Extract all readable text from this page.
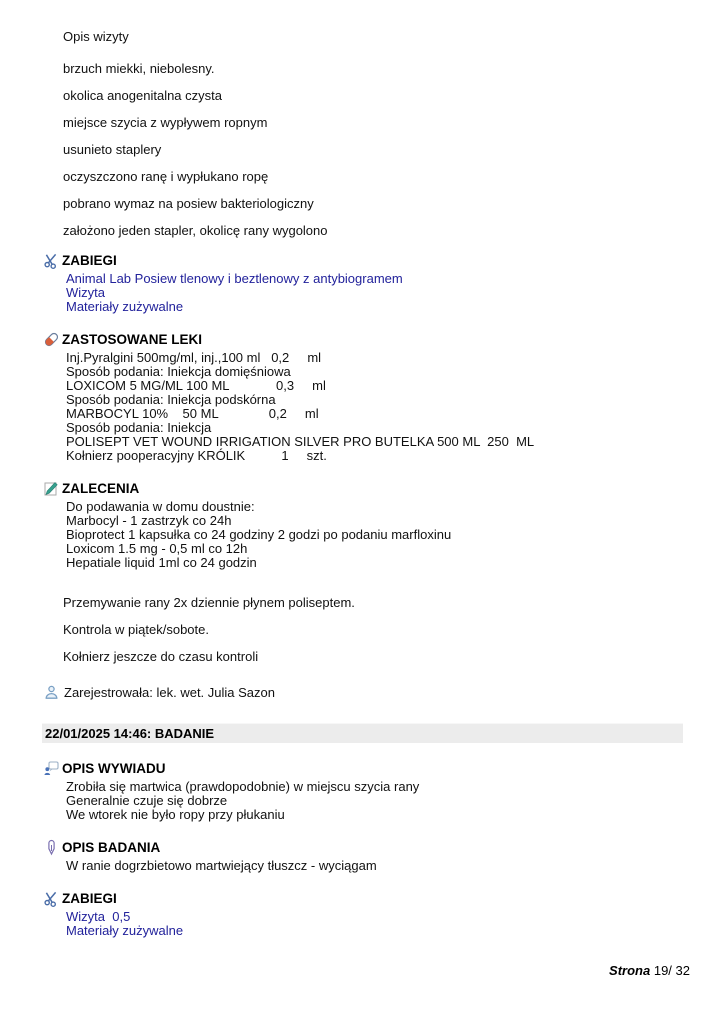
Opis wizyty

brzuch miekki, niebolesny.

okolica anogenitalna czysta

miejsce szycia z wypływem ropnym

usunieto staplery

oczyszczono ranę i wypłukano ropę

pobrano wymaz na posiew bakteriologiczny

założono jeden stapler, okolicę rany wygolono

ZABIEGI
Animal Lab Posiew tlenowy i beztlenowy z antybiogramem
Wizyta
Materiały zużywalne
ZASTOSOWANE LEKI
Inj.Pyralgini 500mg/ml, inj.,100 ml   0,2     ml
Sposób podania: Iniekcja domięśniowa
LOXICOM 5 MG/ML 100 ML             0,3     ml
Sposób podania: Iniekcja podskórna
MARBOCYL 10%    50 ML              0,2     ml
Sposób podania: Iniekcja
POLISEPT VET WOUND IRRIGATION SILVER PRO BUTELKA 500 ML  250  ML
Kołnierz pooperacyjny KRÓLIK          1     szt.
ZALECENIA
Do podawania w domu doustnie:
Marbocyl - 1 zastrzyk co 24h
Bioprotect 1 kapsułka co 24 godziny 2 godzi po podaniu marfloxinu
Loxicom 1.5 mg - 0,5 ml co 12h
Hepatiale liquid 1ml co 24 godzin

Przemywanie rany 2x dziennie płynem poliseptem.

Kontrola w piątek/sobote.

Kołnierz jeszcze do czasu kontroli

Zarejestrowała: lek. wet. Julia Sazon
22/01/2025 14:46: BADANIE
OPIS WYWIADU
Zrobiła się martwica (prawdopodobnie) w miejscu szycia rany
Generalnie czuje się dobrze
We wtorek nie było ropy przy płukaniu
OPIS BADANIA
W ranie dogrzbietowo martwiejący tłuszcz - wyciągam
ZABIEGI
Wizyta  0,5
Materiały zużywalne
Strona 19/ 32
